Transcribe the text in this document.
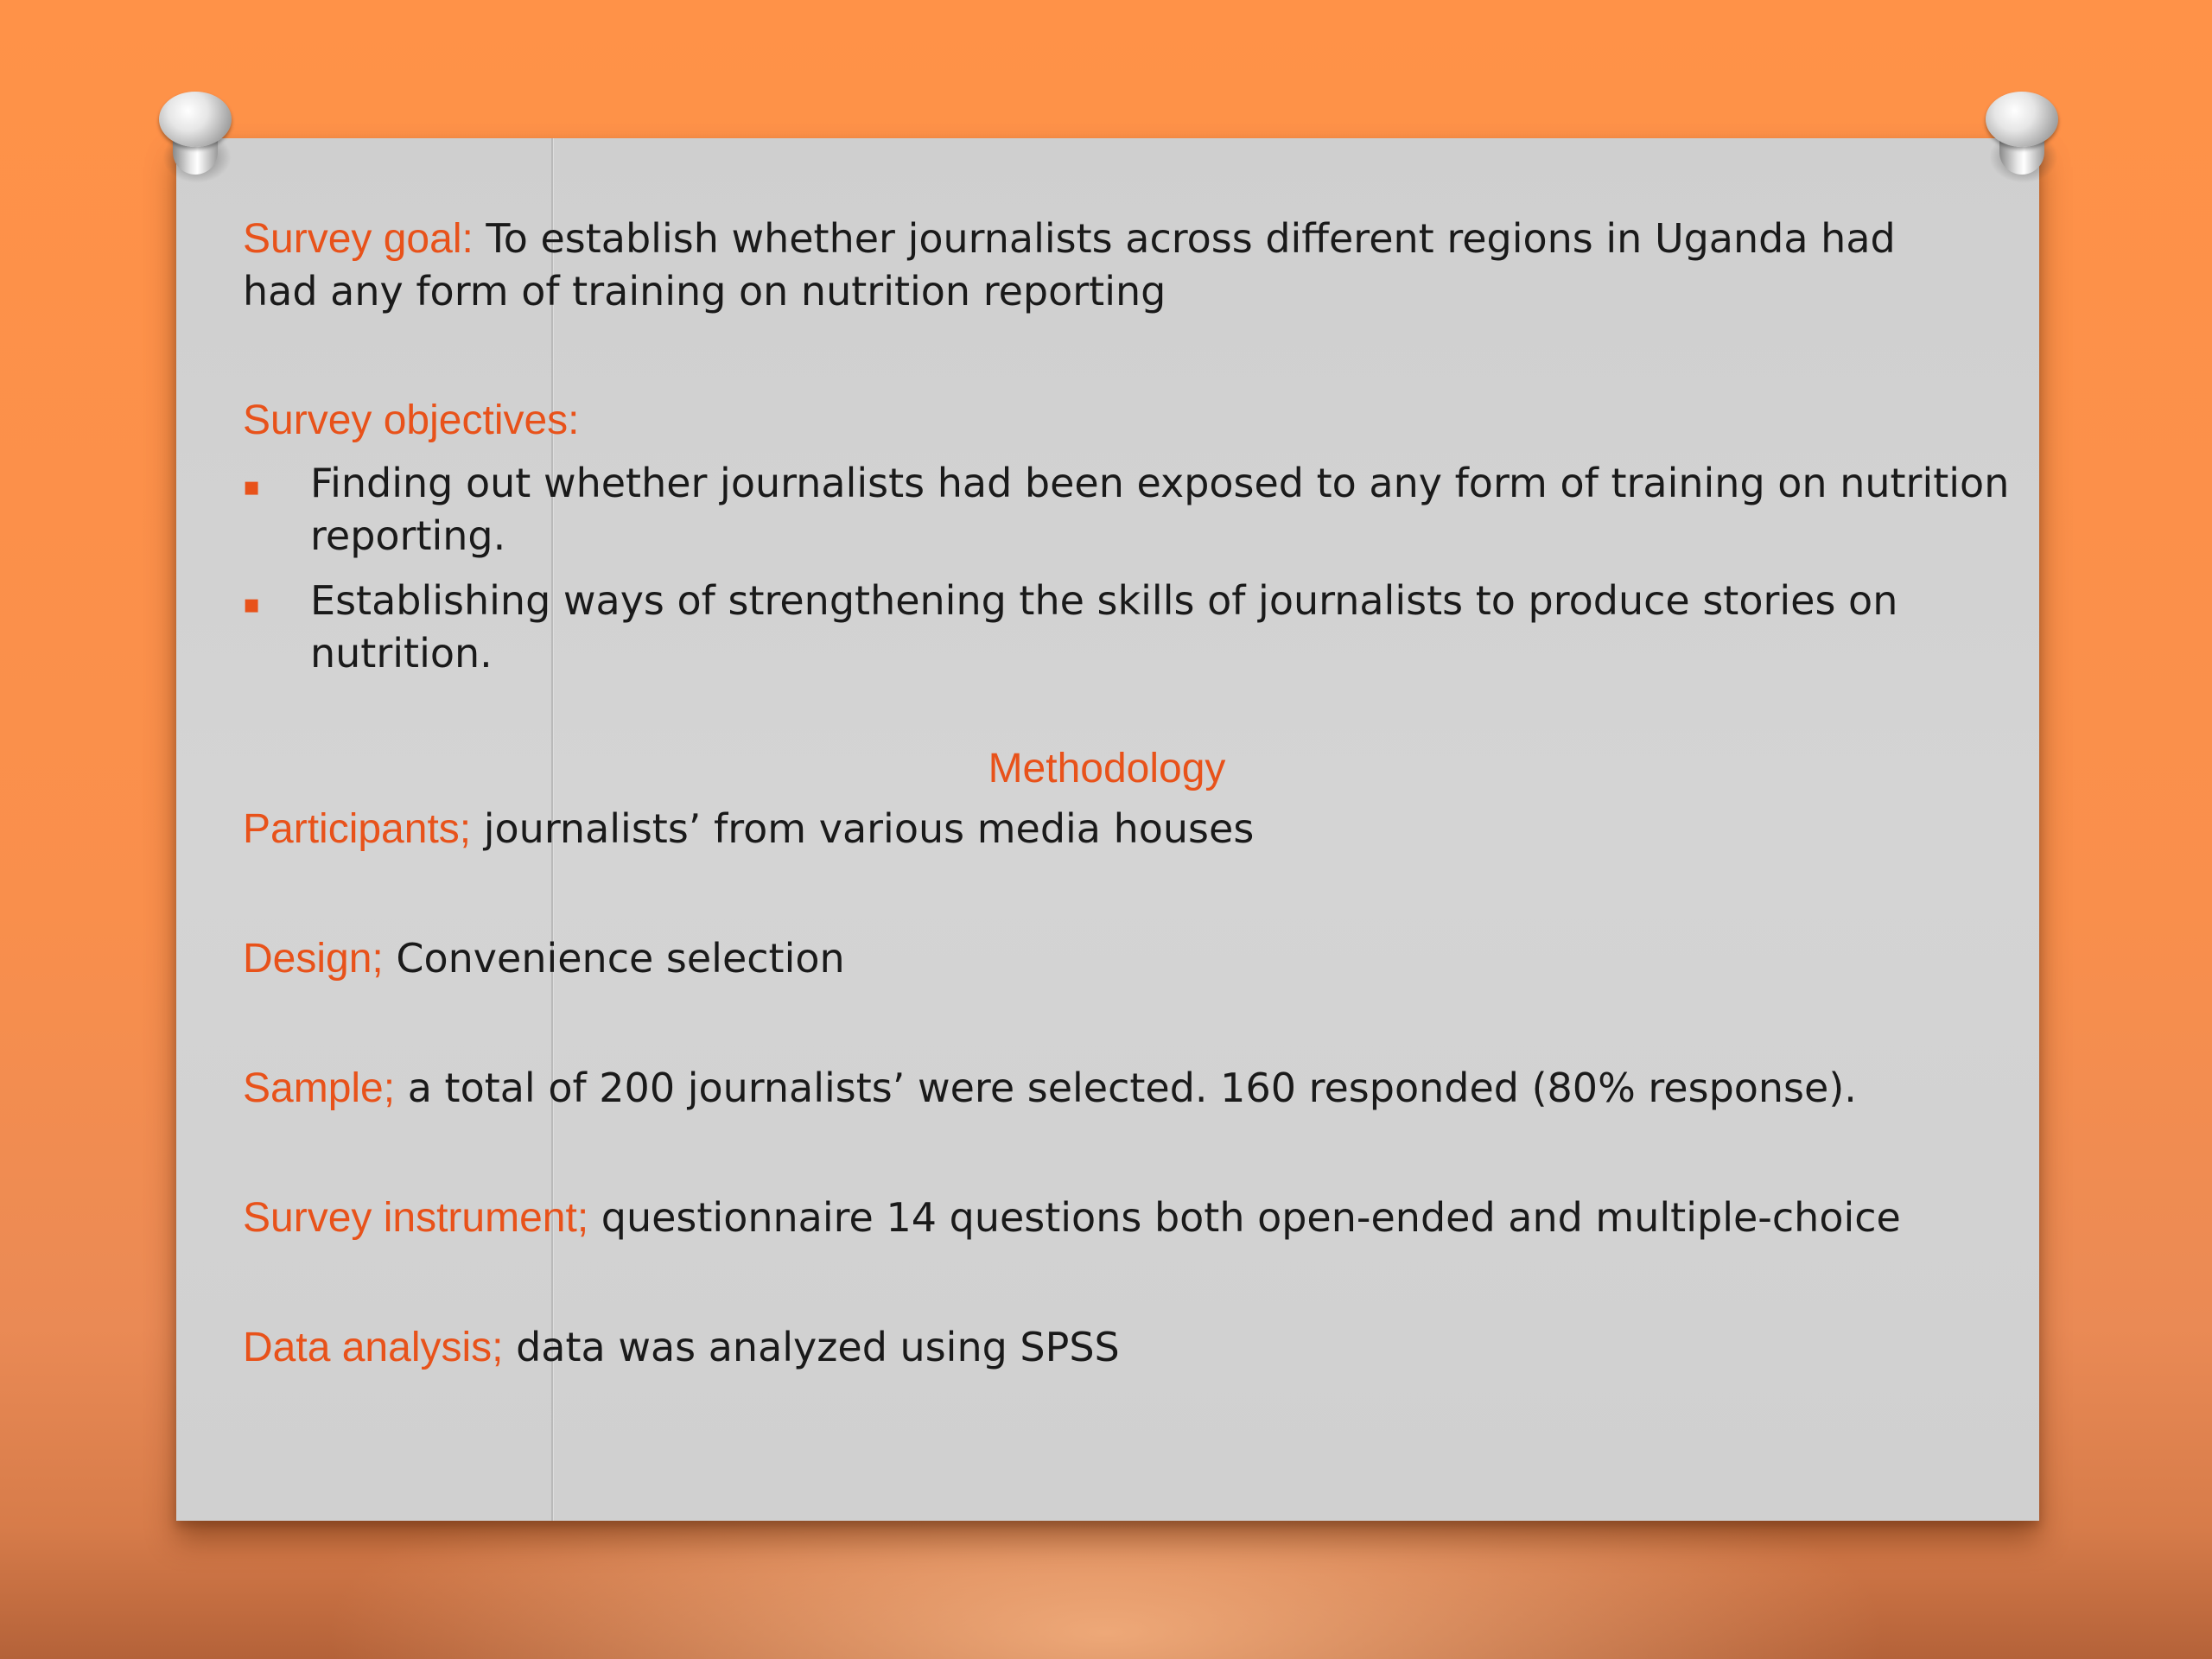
Survey goal: To establish whether journalists across different regions in Uganda had had any form of training on nutrition reporting

Survey objectives:

▪ Finding out whether journalists had been exposed to any form of training on nutrition reporting.
▪ Establishing ways of strengthening the skills of journalists to produce stories on nutrition.

Methodology

Participants; journalists’ from various media houses

Design; Convenience selection

Sample; a total of 200 journalists’ were selected. 160 responded (80% response).

Survey instrument; questionnaire 14 questions both open-ended and multiple-choice

Data analysis; data was analyzed using SPSS
